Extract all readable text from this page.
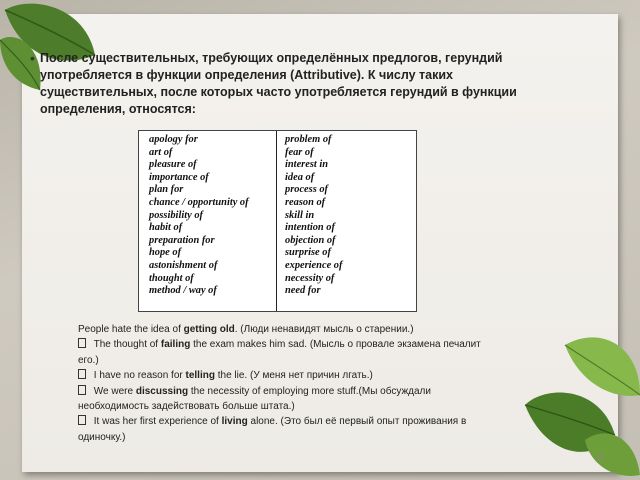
• После существительных, требующих определённых предлогов, герундий употребляется в функции определения (Attributive). К числу таких существительных, после которых часто употребляется герундий в функции определения, относятся:
apology for
art of
pleasure of
importance of
plan for
chance / opportunity of
possibility of
habit of
preparation for
hope of
astonishment of
thought of
method / way of
problem of
fear of
interest in
idea of
process of
reason of
skill in
intention of
objection of
surprise of
experience of
necessity of
need for

People hate the idea of getting old. (Люди ненавидят мысль о старении.)

The thought of failing the exam makes him sad. (Мысль о провале экзамена печалит его.)

I have no reason for telling the lie. (У меня нет причин лгать.)

We were discussing the necessity of employing more stuff.(Мы обсуждали необходимость задействовать больше штата.)

It was her first experience of living alone. (Это был её первый опыт проживания в одиночку.)

9
